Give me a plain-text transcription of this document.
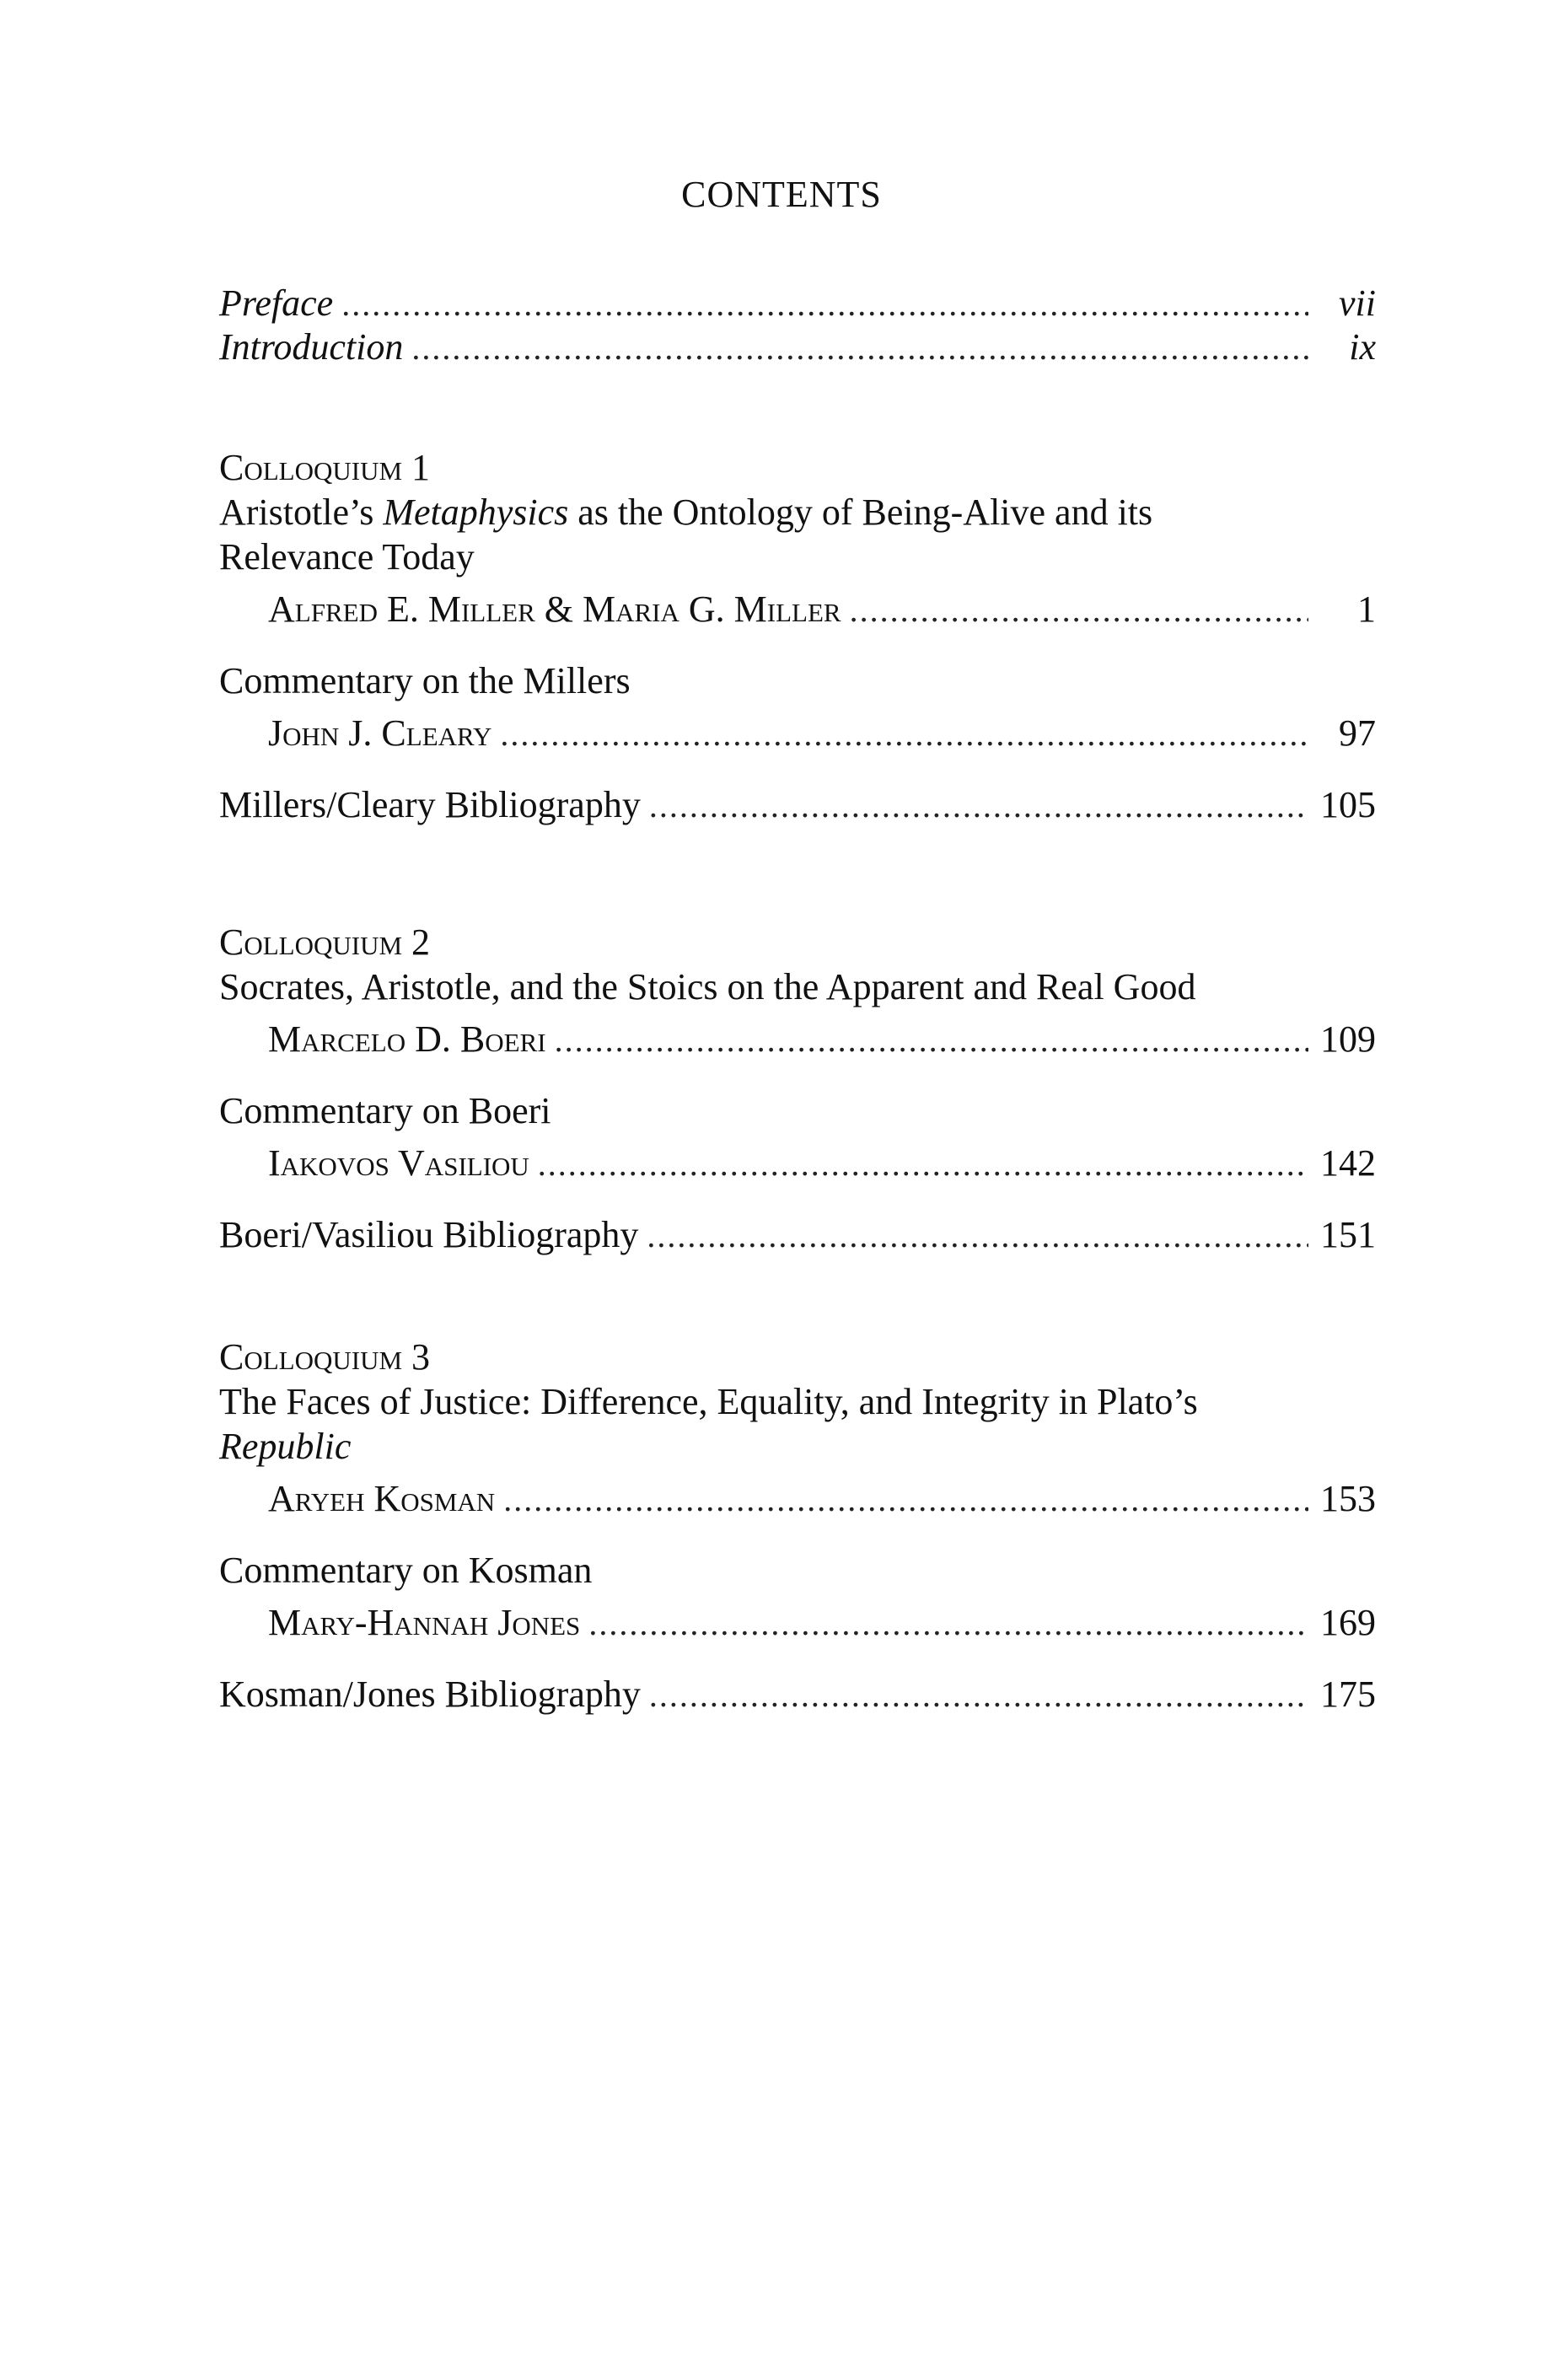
CONTENTS
Preface . . .	vii
Introduction . . .	ix
Colloquium 1
Aristotle’s Metaphysics as the Ontology of Being-Alive and its
Relevance Today
Alfred E. Miller & Maria G. Miller . . .	1
Commentary on the Millers
John J. Cleary . . .	97
Millers/Cleary Bibliography . . .	105
Colloquium 2
Socrates, Aristotle, and the Stoics on the Apparent and Real Good
Marcelo D. Boeri . . .	109
Commentary on Boeri
Iakovos Vasiliou . . .	142
Boeri/Vasiliou Bibliography . . .	151
Colloquium 3
The Faces of Justice: Difference, Equality, and Integrity in Plato’s
Republic
Aryeh Kosman . . .	153
Commentary on Kosman
Mary-Hannah Jones . . .	169
Kosman/Jones Bibliography . . .	175
